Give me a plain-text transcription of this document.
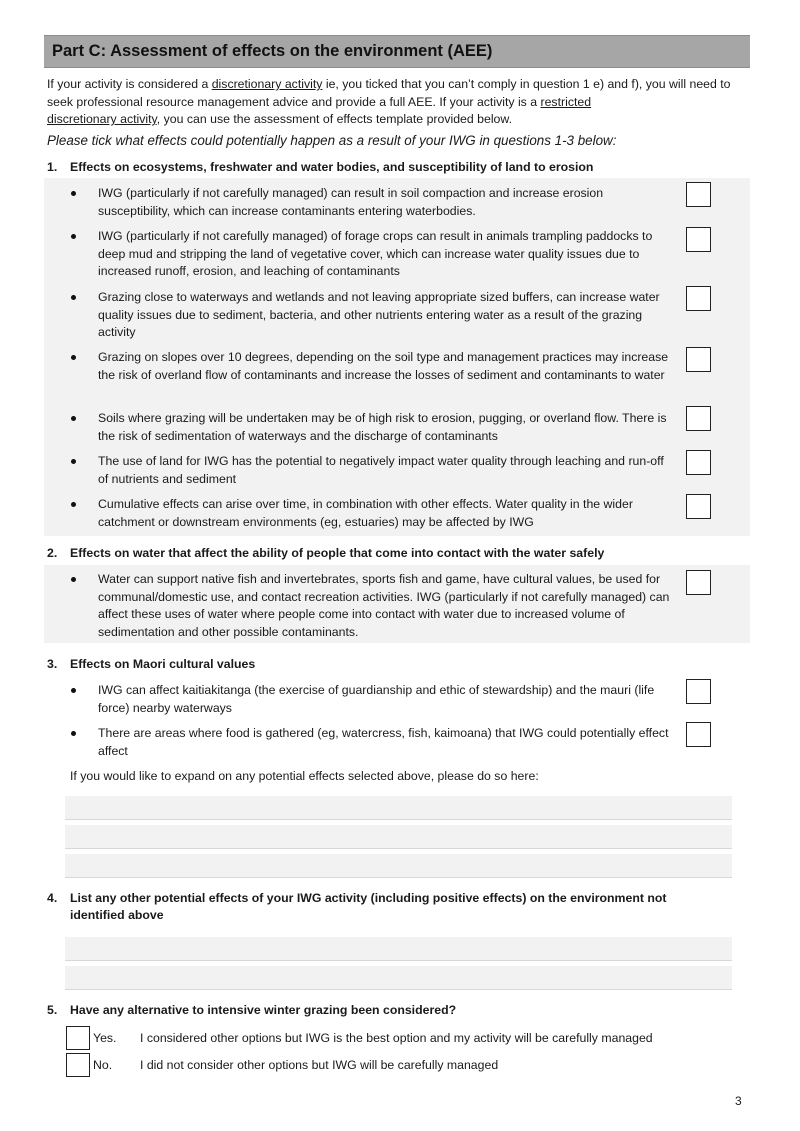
Part C: Assessment of effects on the environment (AEE)
If your activity is considered a discretionary activity ie, you ticked that you can’t comply in question 1 e) and f), you will need to seek professional resource management advice and provide a full AEE. If your activity is a restricted
discretionary activity, you can use the assessment of effects template provided below.
Please tick what effects could potentially happen as a result of your IWG in questions 1-3 below:
1.	Effects on ecosystems, freshwater and water bodies, and susceptibility of land to erosion
IWG (particularly if not carefully managed) can result in soil compaction and increase erosion susceptibility, which can increase contaminants entering waterbodies.
IWG (particularly if not carefully managed) of forage crops can result in animals trampling paddocks to deep mud and stripping the land of vegetative cover, which can increase water quality issues due to increased runoff, erosion, and leaching of contaminants
Grazing close to waterways and wetlands and not leaving appropriate sized buffers, can increase water quality issues due to sediment, bacteria, and other nutrients entering water as a result of the grazing activity
Grazing on slopes over 10 degrees, depending on the soil type and management practices may increase the risk of overland flow of contaminants and increase the losses of sediment and contaminants to water
Soils where grazing will be undertaken may be of high risk to erosion, pugging, or overland flow. There is the risk of sedimentation of waterways and the discharge of contaminants
The use of land for IWG has the potential to negatively impact water quality through leaching and run-off of nutrients and sediment
Cumulative effects can arise over time, in combination with other effects. Water quality in the wider catchment or downstream environments (eg, estuaries) may be affected by IWG
2.	Effects on water that affect the ability of people that come into contact with the water safely
Water can support native fish and invertebrates, sports fish and game, have cultural values, be used for communal/domestic use, and contact recreation activities. IWG (particularly if not carefully managed) can affect these uses of water where people come into contact with water due to increased volume of sedimentation and other possible contaminants.
3.	Effects on Maori cultural values
IWG can affect kaitiakitanga (the exercise of guardianship and ethic of stewardship) and the mauri (life force) nearby waterways
There are areas where food is gathered (eg, watercress, fish, kaimoana) that IWG could potentially effect affect
If you would like to expand on any potential effects selected above, please do so here:
4.	List any other potential effects of your IWG activity (including positive effects) on the environment not identified above
5.	Have any alternative to intensive winter grazing been considered?
Yes.	I considered other options but IWG is the best option and my activity will be carefully managed
No.	I did not consider other options but IWG will be carefully managed
3
